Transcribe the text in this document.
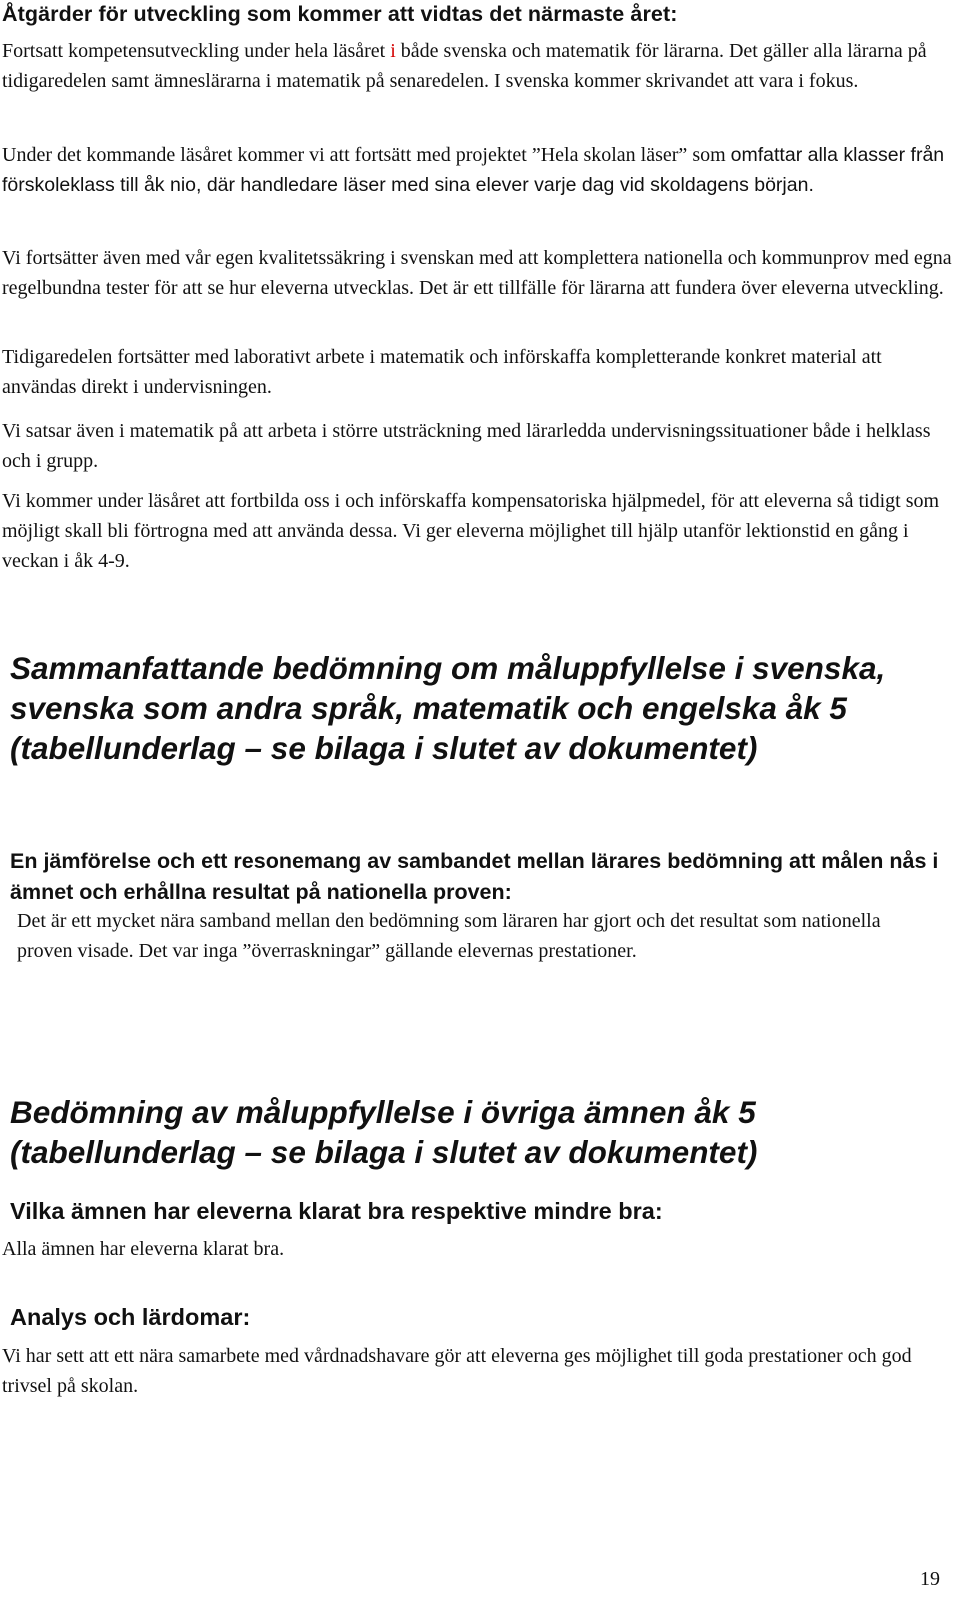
Åtgärder för utveckling som kommer att vidtas det närmaste året:

Fortsatt kompetensutveckling under hela läsåret i både svenska och matematik för lärarna. Det gäller alla lärarna på tidigaredelen samt ämneslärarna i matematik på senaredelen. I svenska kommer skrivandet att vara i fokus.

Under det kommande läsåret kommer vi att fortsätt med projektet ”Hela skolan läser” som omfattar alla klasser från förskoleklass till åk nio, där handledare läser med sina elever varje dag vid skoldagens början.

Vi fortsätter även med vår egen kvalitetssäkring i svenskan med att komplettera nationella och kommunprov med egna regelbundna tester för att se hur eleverna utvecklas. Det är ett tillfälle för lärarna att fundera över eleverna utveckling.

Tidigaredelen fortsätter med laborativt arbete i matematik och införskaffa kompletterande konkret material att användas direkt i undervisningen.

Vi satsar även i matematik på att arbeta i större utsträckning med lärarledda undervisningssituationer både i helklass och i grupp.

Vi kommer under läsåret att fortbilda oss i och införskaffa kompensatoriska hjälpmedel, för att eleverna så tidigt som möjligt skall bli förtrogna med att använda dessa. Vi ger eleverna möjlighet till hjälp utanför lektionstid en gång i veckan i åk 4-9.

Sammanfattande bedömning om måluppfyllelse i svenska, svenska som andra språk, matematik och engelska åk 5 (tabellunderlag – se bilaga i slutet av dokumentet)
En jämförelse och ett resonemang av sambandet mellan lärares bedömning att målen nås i ämnet och erhållna resultat på nationella proven:

Det är ett mycket nära samband mellan den bedömning som läraren har gjort och det resultat som nationella proven visade. Det var inga ”överraskningar” gällande elevernas prestationer.

Bedömning av måluppfyllelse i övriga ämnen åk 5 (tabellunderlag – se bilaga i slutet av dokumentet)
Vilka ämnen har eleverna klarat bra respektive mindre bra:

Alla ämnen har eleverna klarat bra.

Analys och lärdomar:

Vi har sett att ett nära samarbete med vårdnadshavare gör att eleverna ges möjlighet till goda prestationer och god trivsel på skolan.

19
